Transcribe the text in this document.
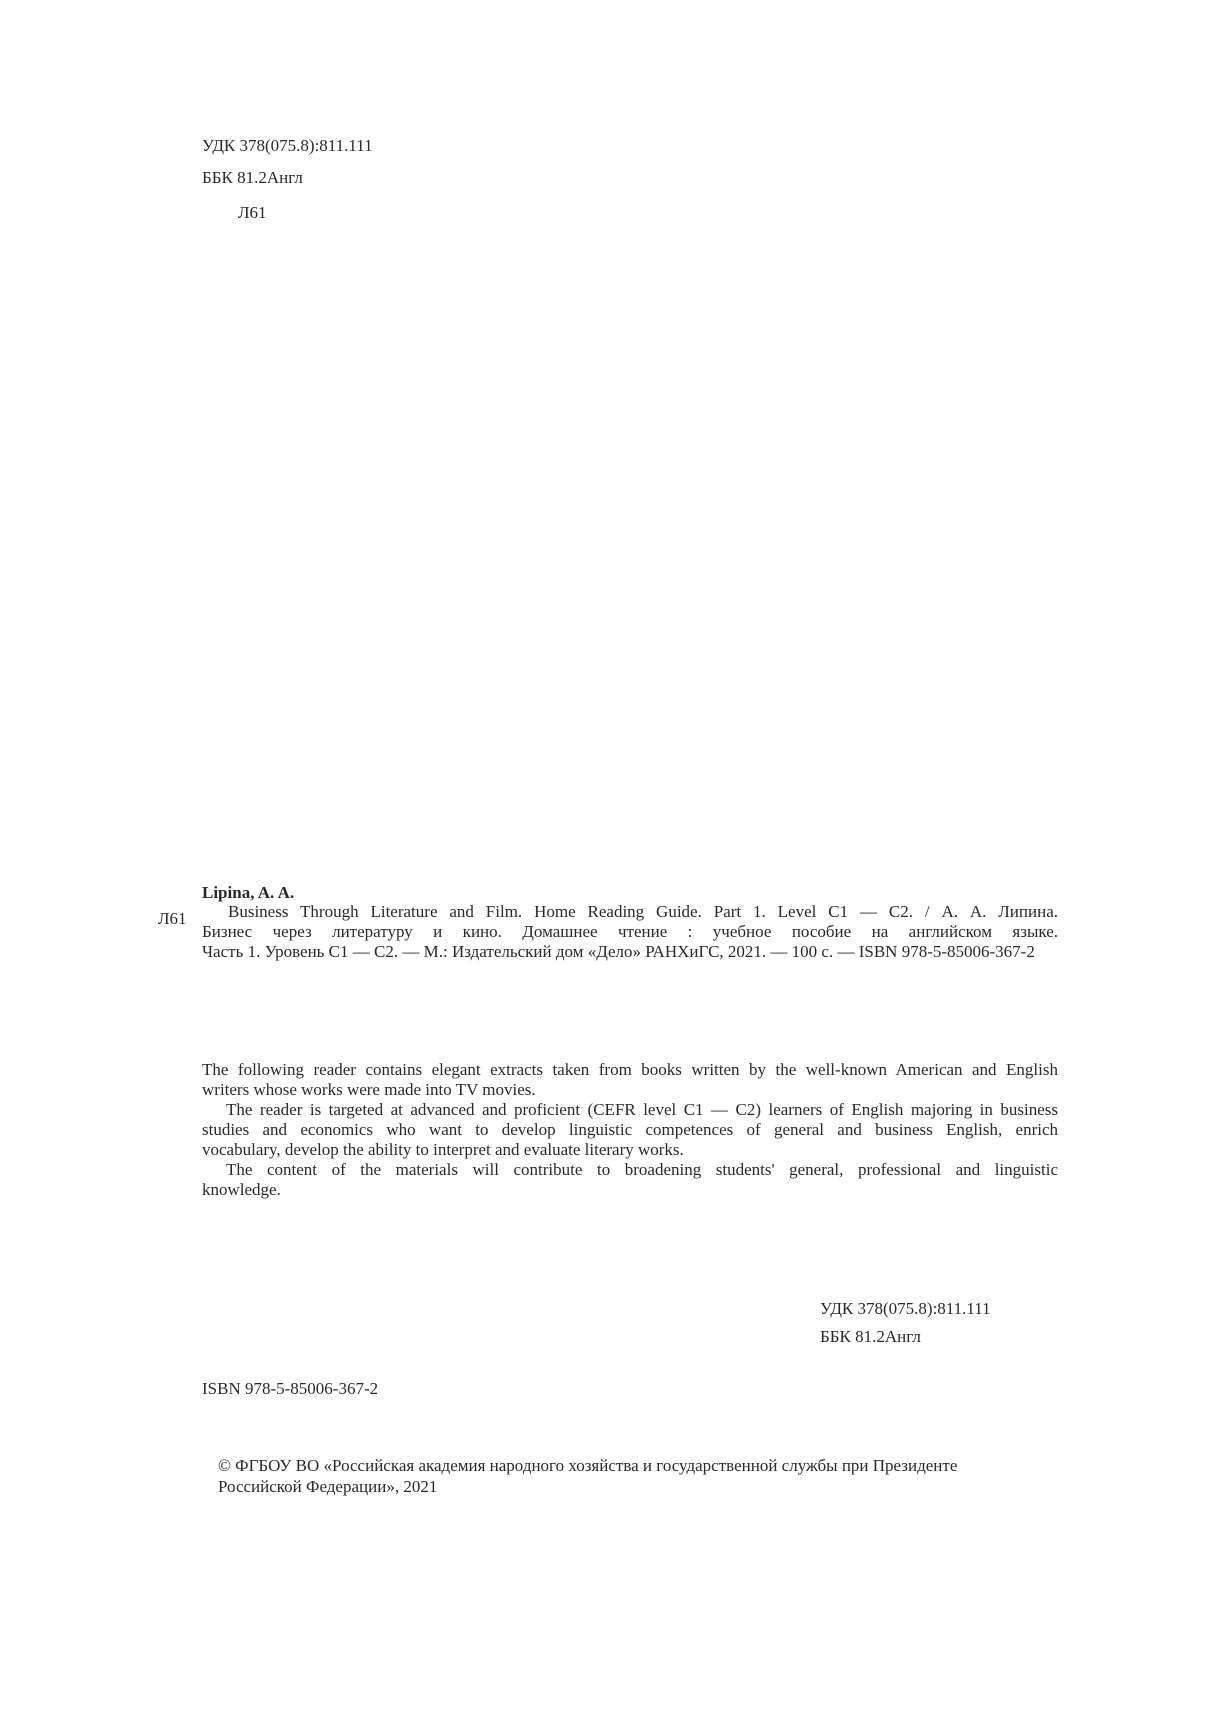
УДК 378(075.8):811.111
ББК 81.2Англ
Л61
Lipina, A. A.
Л61	Business Through Literature and Film. Home Reading Guide. Part 1. Level C1 — C2. / А. А. Липина.
Бизнес через литературу и кино. Домашнее чтение : учебное пособие на английском языке.
Часть 1. Уровень C1 — C2. — М.: Издательский дом «Дело» РАНХиГС, 2021. — 100 с. — ISBN 978-5-85006-367-2
The following reader contains elegant extracts taken from books written by the well-known American and English
writers whose works were made into TV movies.
The reader is targeted at advanced and proficient (CEFR level C1 — C2) learners of English majoring in business
studies and economics who want to develop linguistic competences of general and business English, enrich
vocabulary, develop the ability to interpret and evaluate literary works.
The content of the materials will contribute to broadening students' general, professional and linguistic
knowledge.
УДК 378(075.8):811.111
ББК 81.2Англ
ISBN 978-5-85006-367-2
© ФГБОУ ВО «Российская академия народного хозяйства и государственной службы при Президенте
Российской Федерации», 2021
